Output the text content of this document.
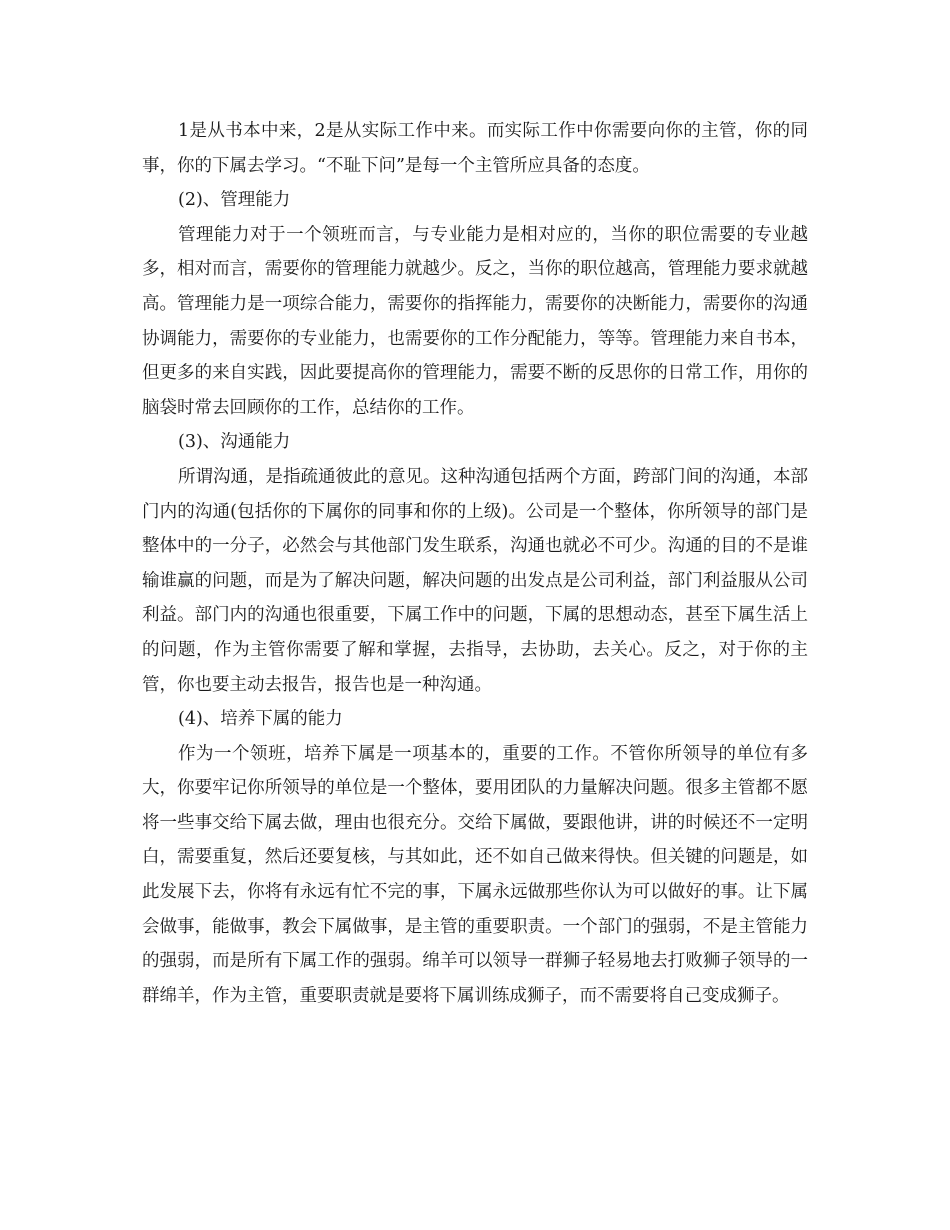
1是从书本中来，2是从实际工作中来。而实际工作中你需要向你的主管，你的同事，你的下属去学习。“不耻下问”是每一个主管所应具备的态度。

(2)、管理能力

管理能力对于一个领班而言，与专业能力是相对应的，当你的职位需要的专业越多，相对而言，需要你的管理能力就越少。反之，当你的职位越高，管理能力要求就越高。管理能力是一项综合能力，需要你的指挥能力，需要你的决断能力，需要你的沟通协调能力，需要你的专业能力，也需要你的工作分配能力，等等。管理能力来自书本，但更多的来自实践，因此要提高你的管理能力，需要不断的反思你的日常工作，用你的脑袋时常去回顾你的工作，总结你的工作。

(3)、沟通能力

所谓沟通，是指疏通彼此的意见。这种沟通包括两个方面，跨部门间的沟通，本部门内的沟通(包括你的下属你的同事和你的上级)。公司是一个整体，你所领导的部门是整体中的一分子，必然会与其他部门发生联系，沟通也就必不可少。沟通的目的不是谁输谁赢的问题，而是为了解决问题，解决问题的出发点是公司利益，部门利益服从公司利益。部门内的沟通也很重要，下属工作中的问题，下属的思想动态，甚至下属生活上的问题，作为主管你需要了解和掌握，去指导，去协助，去关心。反之，对于你的主管，你也要主动去报告，报告也是一种沟通。

(4)、培养下属的能力

作为一个领班，培养下属是一项基本的，重要的工作。不管你所领导的单位有多大，你要牢记你所领导的单位是一个整体，要用团队的力量解决问题。很多主管都不愿将一些事交给下属去做，理由也很充分。交给下属做，要跟他讲，讲的时候还不一定明白，需要重复，然后还要复核，与其如此，还不如自己做来得快。但关键的问题是，如此发展下去，你将有永远有忙不完的事，下属永远做那些你认为可以做好的事。让下属会做事，能做事，教会下属做事，是主管的重要职责。一个部门的强弱，不是主管能力的强弱，而是所有下属工作的强弱。绵羊可以领导一群狮子轻易地去打败狮子领导的一群绵羊，作为主管，重要职责就是要将下属训练成狮子，而不需要将自己变成狮子。
